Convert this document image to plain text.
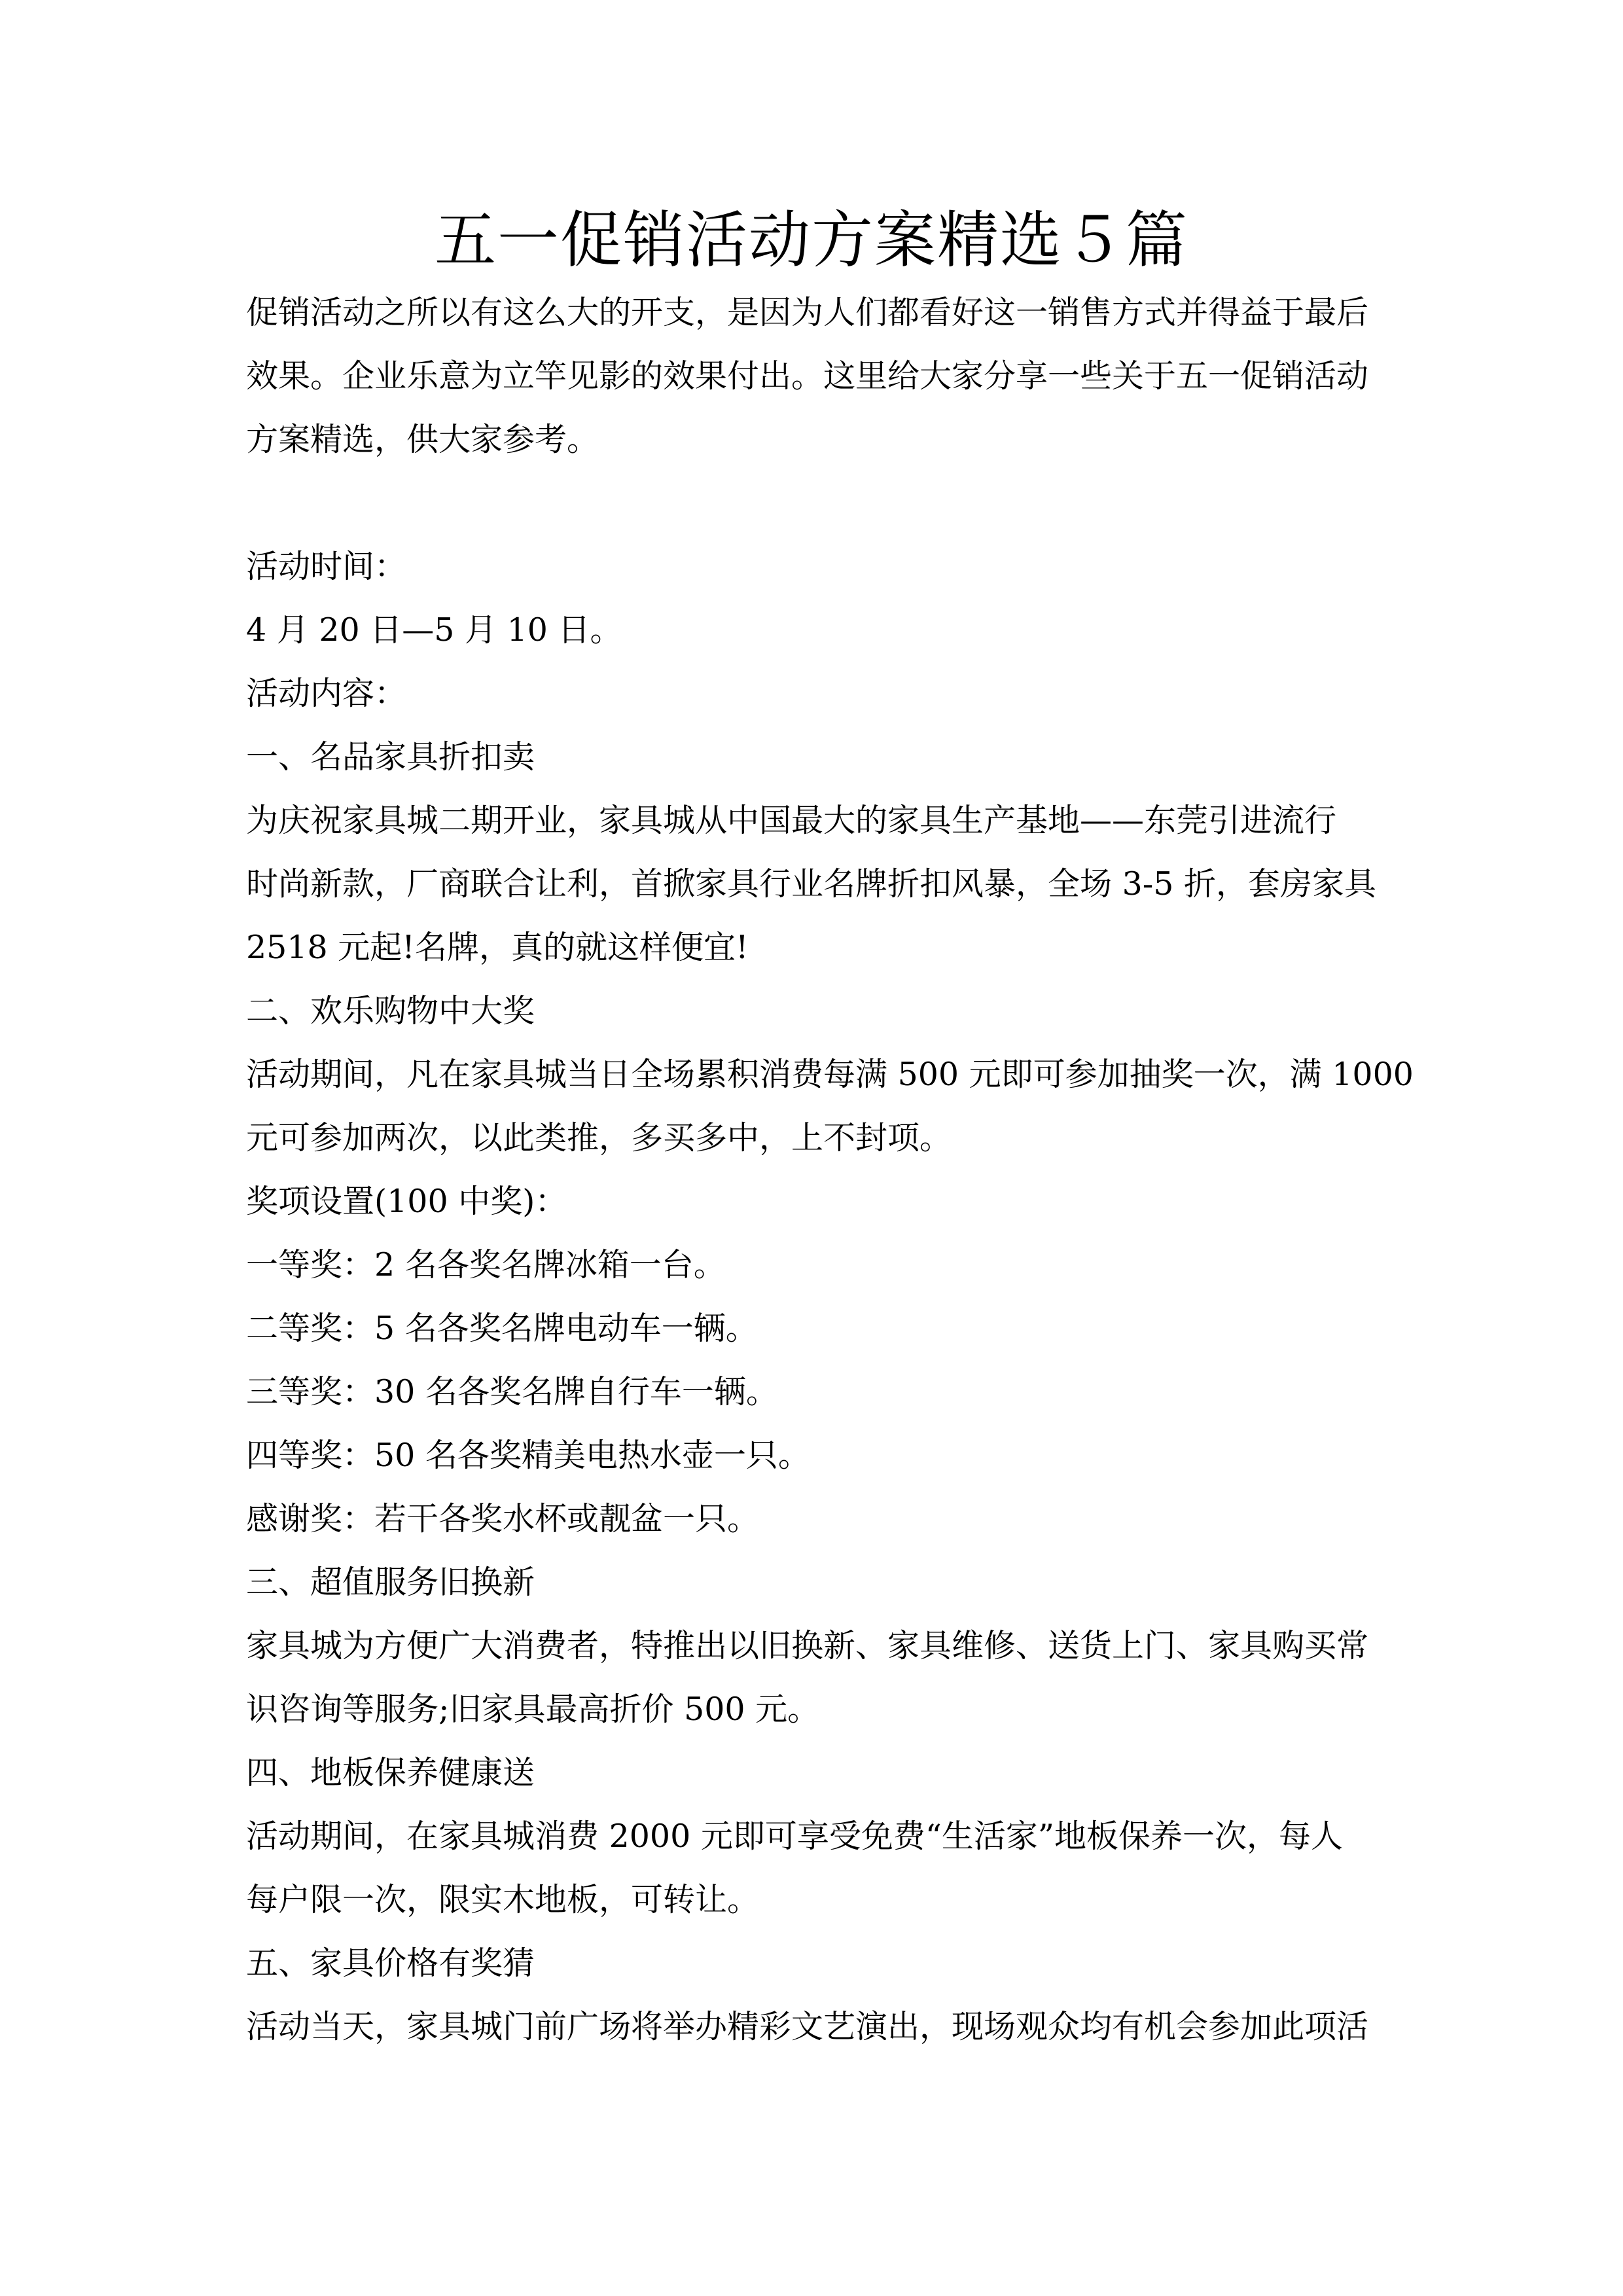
五一促销活动方案精选５篇

促销活动之所以有这么大的开支，是因为人们都看好这一销售方式并得益于最后

效果。企业乐意为立竿见影的效果付出。这里给大家分享一些关于五一促销活动

方案精选，供大家参考。

活动时间：

4 月 20 日—5 月 10 日。

活动内容：

一、名品家具折扣卖

为庆祝家具城二期开业，家具城从中国最大的家具生产基地——东莞引进流行

时尚新款，厂商联合让利，首掀家具行业名牌折扣风暴，全场 3-5 折，套房家具

2518 元起!名牌，真的就这样便宜!

二、欢乐购物中大奖

活动期间，凡在家具城当日全场累积消费每满 500 元即可参加抽奖一次，满 1000

元可参加两次，以此类推，多买多中，上不封项。

奖项设置(100 中奖)：

一等奖：2 名各奖名牌冰箱一台。

二等奖：5 名各奖名牌电动车一辆。

三等奖：30 名各奖名牌自行车一辆。

四等奖：50 名各奖精美电热水壶一只。

感谢奖：若干各奖水杯或靓盆一只。

三、超值服务旧换新

家具城为方便广大消费者，特推出以旧换新、家具维修、送货上门、家具购买常

识咨询等服务;旧家具最高折价 500 元。

四、地板保养健康送

活动期间，在家具城消费 2000 元即可享受免费“生活家”地板保养一次，每人

每户限一次，限实木地板，可转让。

五、家具价格有奖猜

活动当天，家具城门前广场将举办精彩文艺演出，现场观众均有机会参加此项活
